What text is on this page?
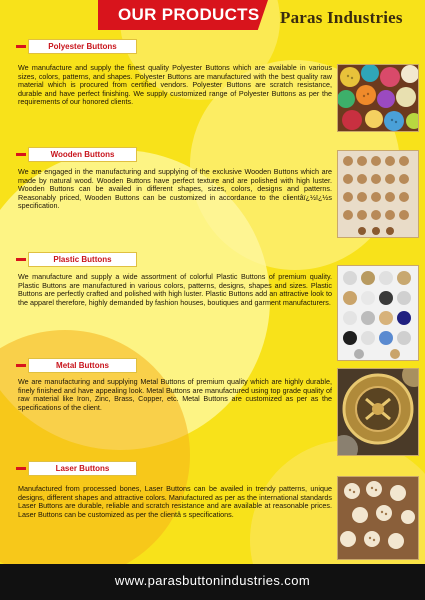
OUR PRODUCTS Paras Industries
Polyester Buttons
We manufacture and supply the finest quality Polyester Buttons which are available in various sizes, colors, patterns, and shapes. Polyester Buttons are manufactured with the best quality raw material which is procured from certified vendors. Polyester Buttons are scratch resistance, durable and have perfect finishing. We supply customized range of Polyester Buttons as per the requirements of our honored clients.
Wooden Buttons
We are engaged in the manufacturing and supplying of the exclusive Wooden Buttons which are made by natural wood. Wooden Buttons have perfect texture and are polished with high luster. Wooden Buttons can be availed in different shapes, sizes, colors, designs and patterns. Reasonably priced, Wooden Buttons can be customized in accordance to the clientâï¿½ï¿½s specification.
Plastic Buttons
We manufacture and supply a wide assortment of colorful Plastic Buttons of premium quality. Plastic Buttons are manufactured in various colors, patterns, designs, shapes and sizes. Plastic Buttons are perfectly crafted and polished with high luster. Plastic Buttons add an attractive look to the apparel therefore, highly demanded by fashion houses, boutiques and garment manufacturers.
Metal Buttons
We are manufacturing and supplying Metal Buttons of premium quality which are highly durable, finely finished and have appealing look. Metal Buttons are manufactured using top grade quality of raw material like Iron, Zinc, Brass, Copper, etc. Metal Buttons are customized as per as the specifications of the client.
Laser Buttons
Manufactured from processed bones, Laser Buttons can be availed in trendy patterns, unique designs, different shapes and attractive colors. Manufactured as per as the international standards Laser Buttons are durable, reliable and scratch resistance and are available at reasonable prices. Laser Buttons can be customized as per the clientâ s specifications.
www.parasbuttonindustries.com
